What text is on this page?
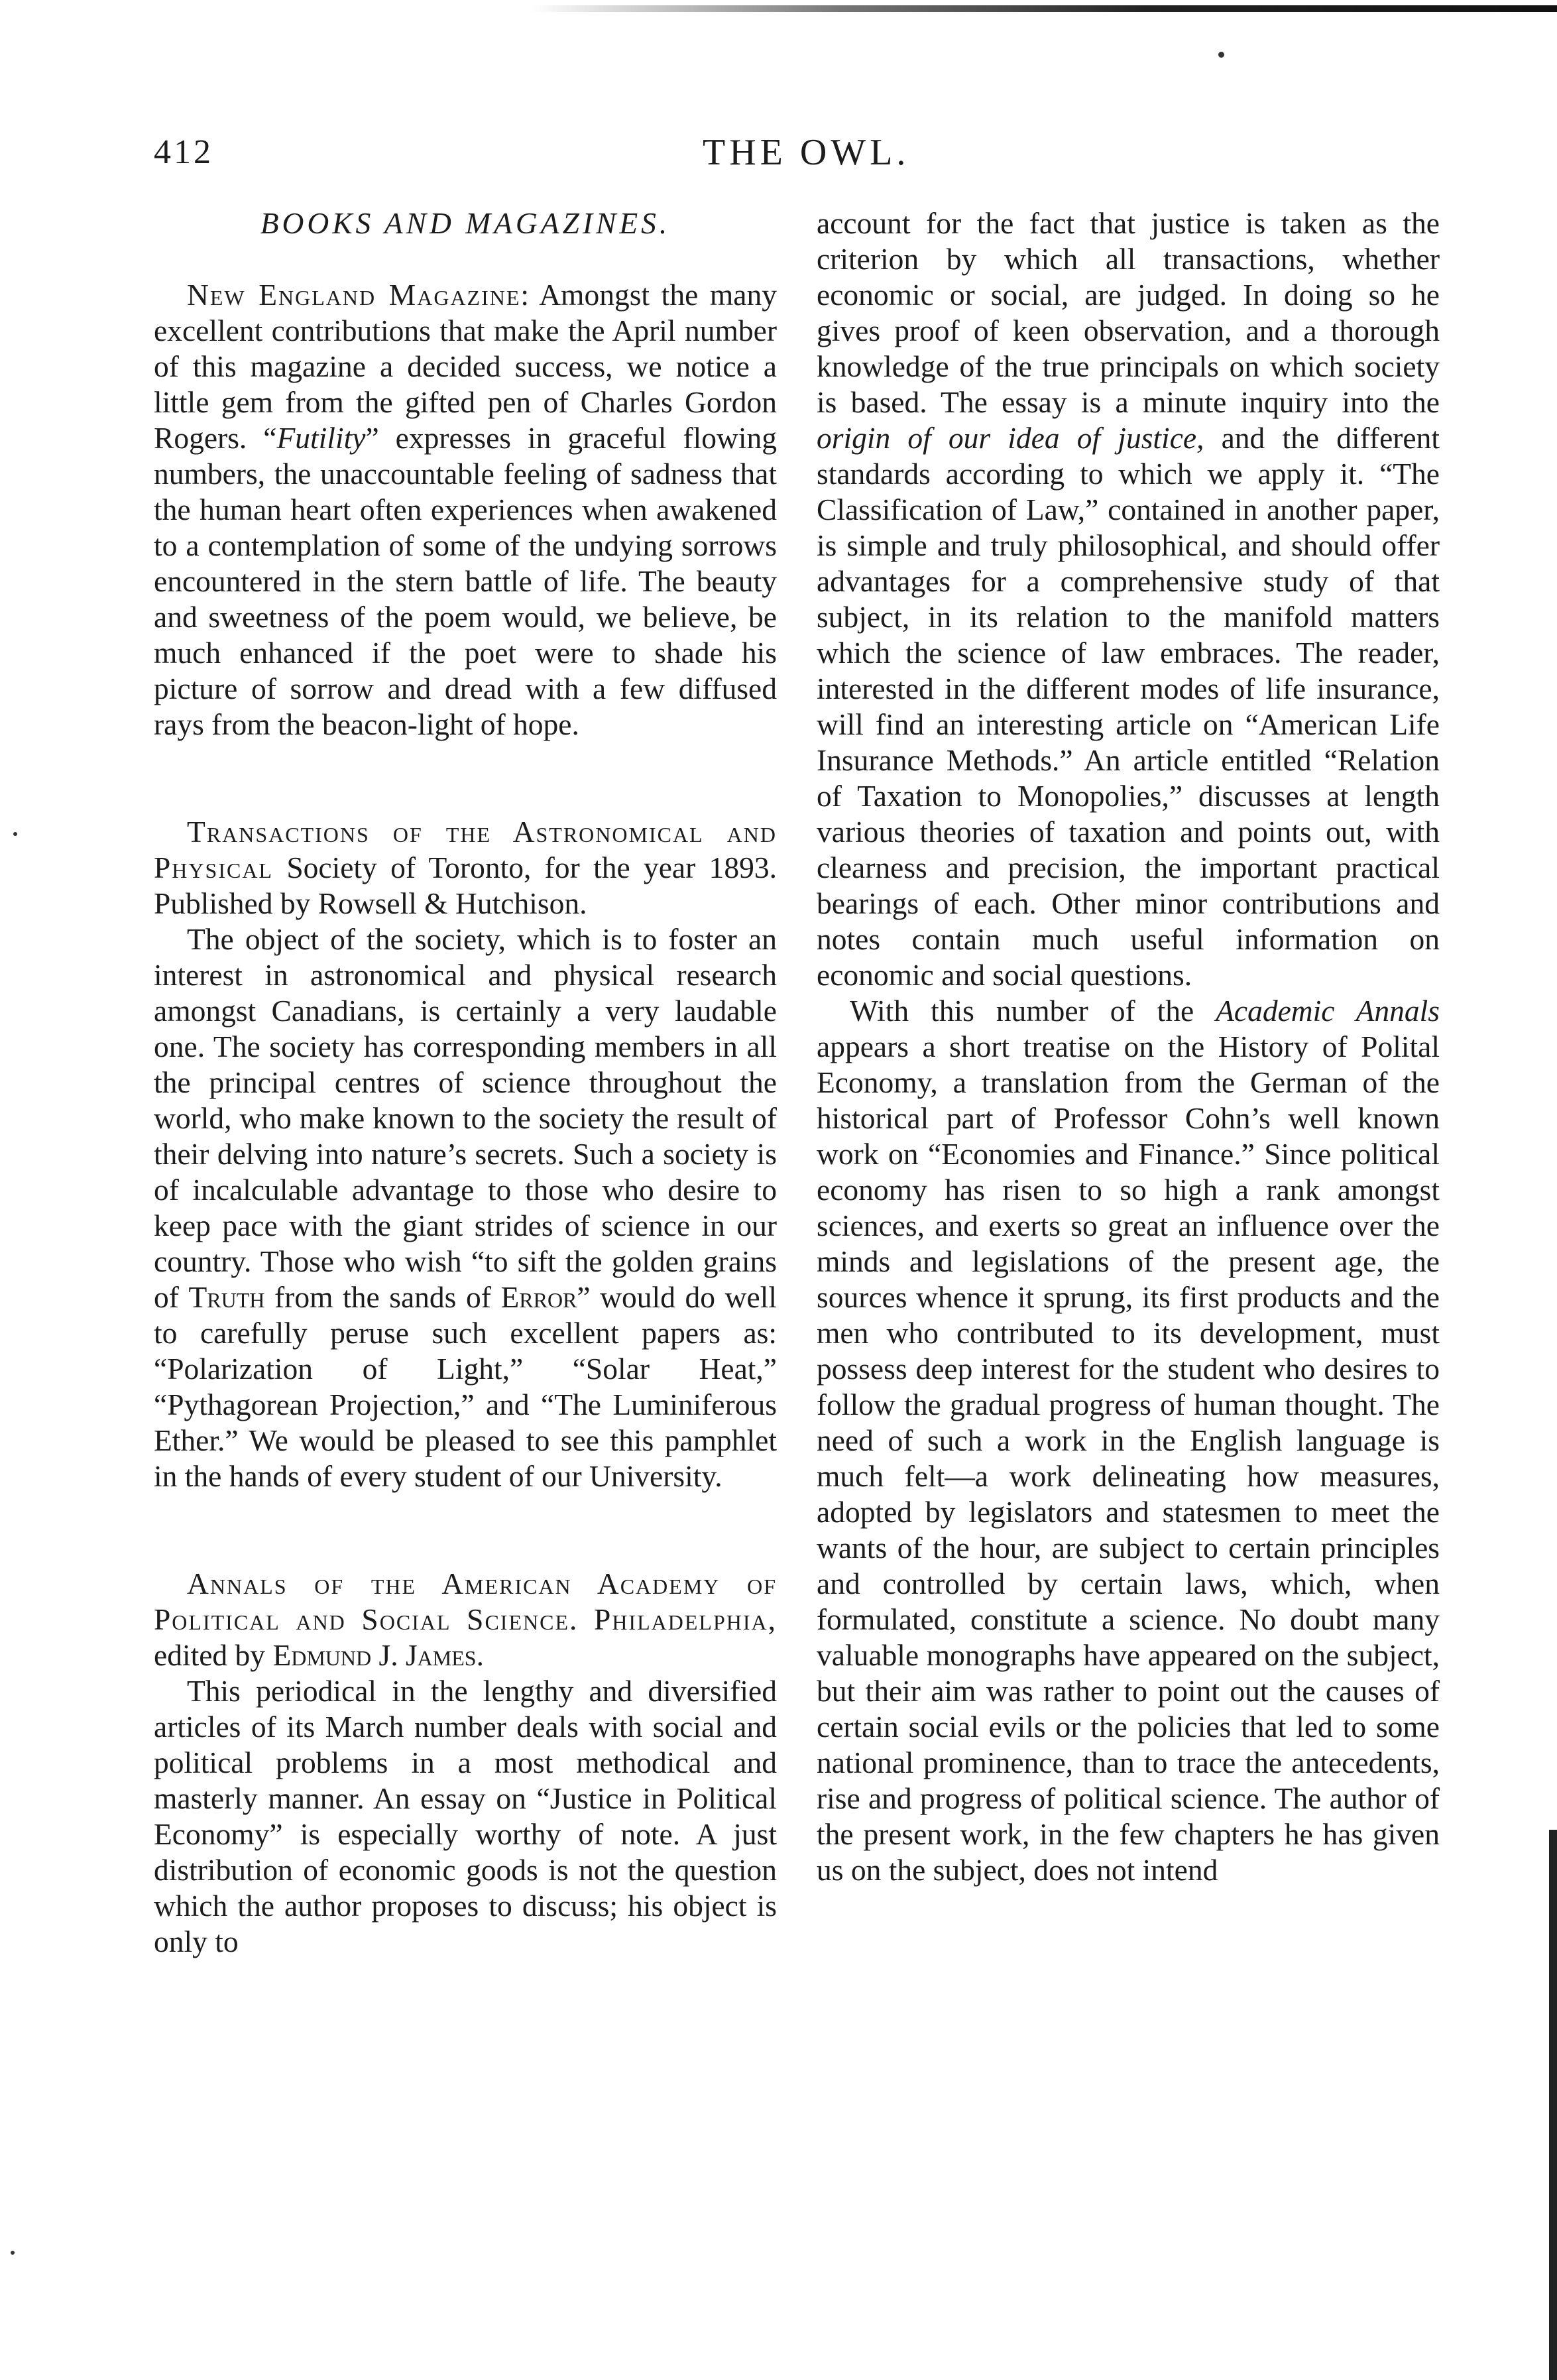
412	THE OWL.
BOOKS AND MAGAZINES.

New England Magazine: Amongst the many excellent contributions that make the April number of this magazine a decided success, we notice a little gem from the gifted pen of Charles Gordon Rogers. “Futility” expresses in graceful flowing numbers, the unaccountable feeling of sadness that the human heart often experiences when awakened to a contemplation of some of the undying sorrows encountered in the stern battle of life. The beauty and sweetness of the poem would, we believe, be much enhanced if the poet were to shade his picture of sorrow and dread with a few diffused rays from the beacon-light of hope.

Transactions of the Astronomical and Physical Society of Toronto, for the year 1893. Published by Rowsell & Hutchison.

The object of the society, which is to foster an interest in astronomical and physical research amongst Canadians, is certainly a very laudable one. The society has corresponding members in all the principal centres of science throughout the world, who make known to the society the result of their delving into nature’s secrets. Such a society is of incalculable advantage to those who desire to keep pace with the giant strides of science in our country. Those who wish “to sift the golden grains of Truth from the sands of Error” would do well to carefully peruse such excellent papers as: “Polarization of Light,” “Solar Heat,” “Pythagorean Projection,” and “The Luminiferous Ether.” We would be pleased to see this pamphlet in the hands of every student of our University.

Annals of the American Academy of Political and Social Science. Philadelphia, edited by Edmund J. James.

This periodical in the lengthy and diversified articles of its March number deals with social and political problems in a most methodical and masterly manner. An essay on “Justice in Political Economy” is especially worthy of note. A just distribution of economic goods is not the question which the author proposes to discuss; his object is only to

account for the fact that justice is taken as the criterion by which all transactions, whether economic or social, are judged. In doing so he gives proof of keen observation, and a thorough knowledge of the true principals on which society is based. The essay is a minute inquiry into the origin of our idea of justice, and the different standards according to which we apply it. “The Classification of Law,” contained in another paper, is simple and truly philosophical, and should offer advantages for a comprehensive study of that subject, in its relation to the manifold matters which the science of law embraces. The reader, interested in the different modes of life insurance, will find an interesting article on “American Life Insurance Methods.” An article entitled “Relation of Taxation to Monopolies,” discusses at length various theories of taxation and points out, with clearness and precision, the important practical bearings of each. Other minor contributions and notes contain much useful information on economic and social questions.

With this number of the Academic Annals appears a short treatise on the History of Polital Economy, a translation from the German of the historical part of Professor Cohn’s well known work on “Economies and Finance.” Since political economy has risen to so high a rank amongst sciences, and exerts so great an influence over the minds and legislations of the present age, the sources whence it sprung, its first products and the men who contributed to its development, must possess deep interest for the student who desires to follow the gradual progress of human thought. The need of such a work in the English language is much felt—a work delineating how measures, adopted by legislators and statesmen to meet the wants of the hour, are subject to certain principles and controlled by certain laws, which, when formulated, constitute a science. No doubt many valuable monographs have appeared on the subject, but their aim was rather to point out the causes of certain social evils or the policies that led to some national prominence, than to trace the antecedents, rise and progress of political science. The author of the present work, in the few chapters he has given us on the subject, does not intend
